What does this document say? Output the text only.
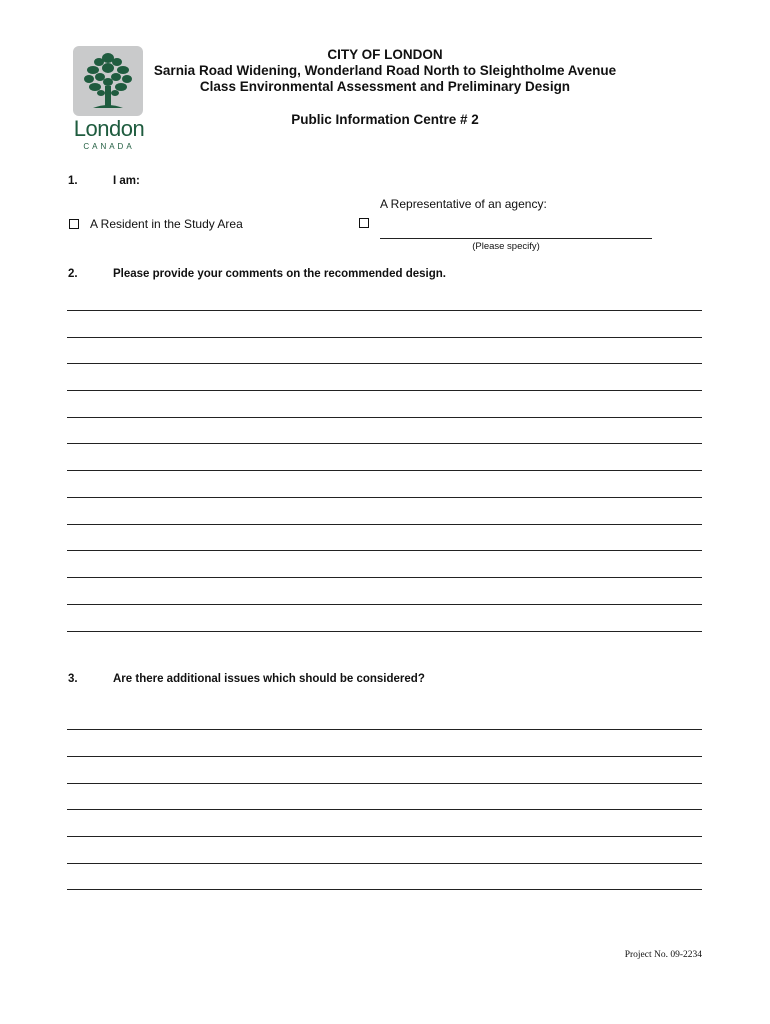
London
CANADA
CITY OF LONDON
Sarnia Road Widening, Wonderland Road North to Sleightholme Avenue
Class Environmental Assessment and Preliminary Design
Public Information Centre # 2
1.	I am:
A Representative of an agency:
A Resident in the Study Area
(Please specify)
2.	Please provide your comments on the recommended design.
3.	Are there additional issues which should be considered?
Project No. 09-2234
